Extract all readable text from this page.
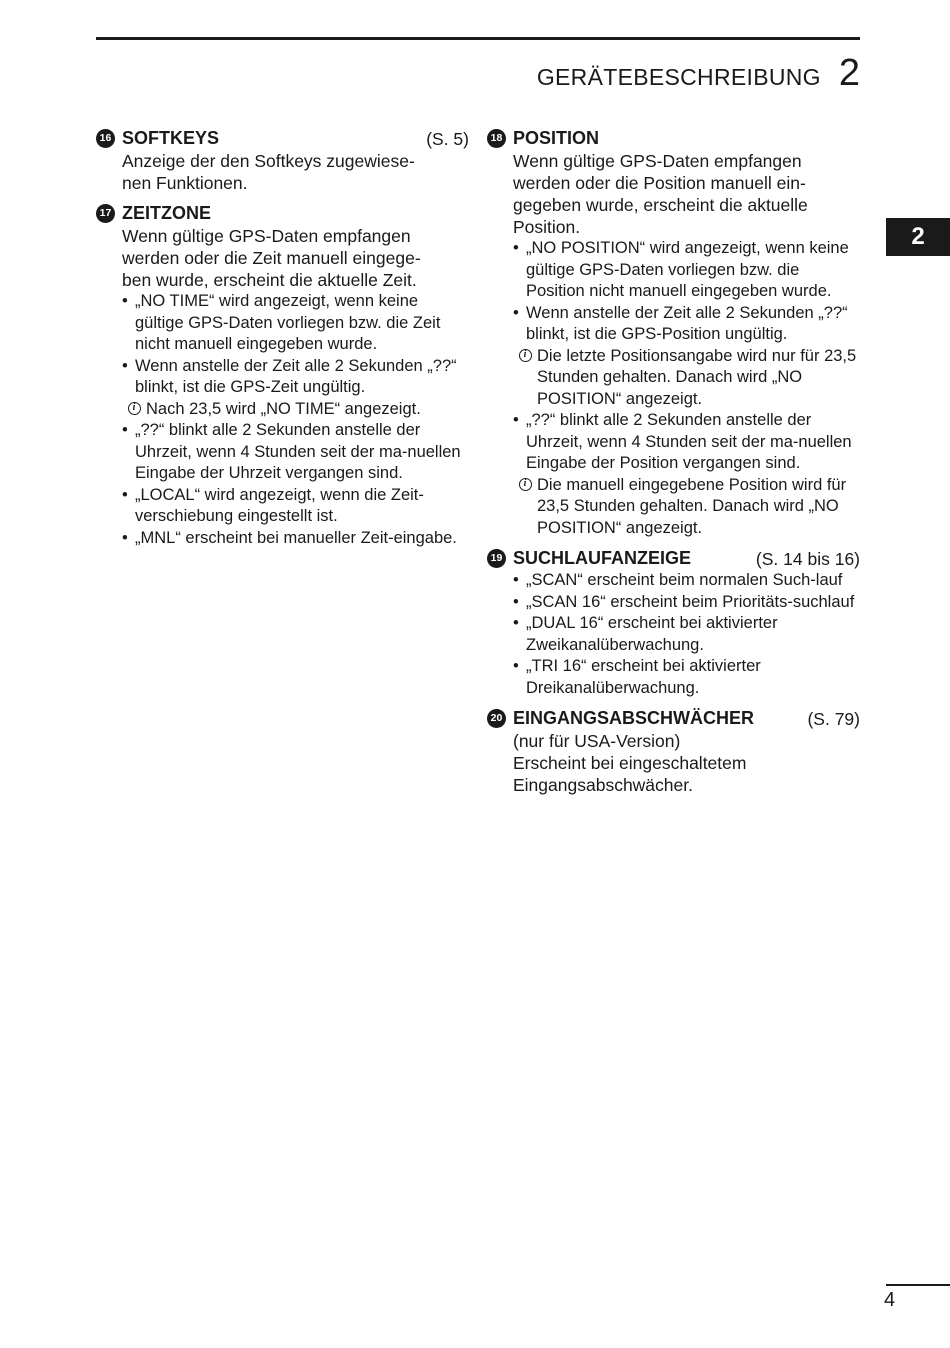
GERÄTEBESCHREIBUNG 2
2
16 SOFTKEYS	(S. 5)
Anzeige der den Softkeys zugewiese-
nen Funktionen.
17 ZEITZONE
Wenn gültige GPS-Daten empfangen
werden oder die Zeit manuell eingege-
ben wurde, erscheint die aktuelle Zeit.
• „NO TIME“ wird angezeigt, wenn keine gültige GPS-Daten vorliegen bzw. die Zeit nicht manuell eingegeben wurde.
• Wenn anstelle der Zeit alle 2 Sekunden „??“ blinkt, ist die GPS-Zeit ungültig.
i Nach 23,5 wird „NO TIME“ angezeigt.
• „??“ blinkt alle 2 Sekunden anstelle der Uhrzeit, wenn 4 Stunden seit der ma-nuellen Eingabe der Uhrzeit vergangen sind.
• „LOCAL“ wird angezeigt, wenn die Zeit-verschiebung eingestellt ist.
• „MNL“ erscheint bei manueller Zeit-eingabe.
18 POSITION
Wenn gültige GPS-Daten empfangen
werden oder die Position manuell ein-
gegeben wurde, erscheint die aktuelle
Position.
• „NO POSITION“ wird angezeigt, wenn keine gültige GPS-Daten vorliegen bzw. die Position nicht manuell eingegeben wurde.
• Wenn anstelle der Zeit alle 2 Sekunden „??“ blinkt, ist die GPS-Position ungültig.
i Die letzte Positionsangabe wird nur für 23,5 Stunden gehalten. Danach wird „NO POSITION“ angezeigt.
• „??“ blinkt alle 2 Sekunden anstelle der Uhrzeit, wenn 4 Stunden seit der ma-nuellen Eingabe der Position vergangen sind.
i Die manuell eingegebene Position wird für 23,5 Stunden gehalten. Danach wird „NO POSITION“ angezeigt.
19 SUCHLAUFANZEIGE	(S. 14 bis 16)
• „SCAN“ erscheint beim normalen Such-lauf
• „SCAN 16“ erscheint beim Prioritäts-suchlauf
• „DUAL 16“ erscheint bei aktivierter Zweikanalüberwachung.
• „TRI 16“ erscheint bei aktivierter Dreikanalüberwachung.
20 EINGANGSABSCHWÄCHER	(S. 79)
(nur für USA-Version)
Erscheint bei eingeschaltetem
Eingangsabschwächer.
4
